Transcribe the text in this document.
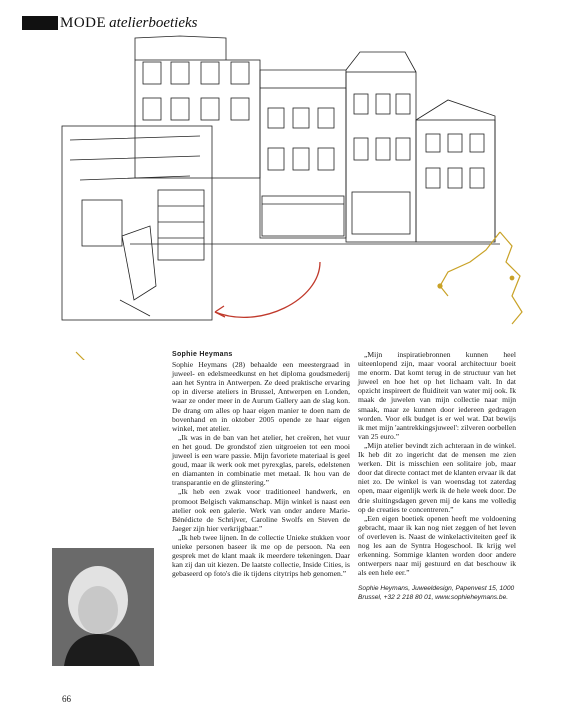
MODE atelierboetieks
Sophie Heymans

Sophie Heymans (28) behaalde een meestergraad in juweel- en edelsmeedkunst en het diploma goudsmederij aan het Syntra in Antwerpen. Ze deed praktische ervaring op in diverse ateliers in Brussel, Antwerpen en Londen, waar ze onder meer in de Aurum Gallery aan de slag kon. De drang om alles op haar eigen manier te doen nam de bovenhand en in oktober 2005 opende ze haar eigen winkel, met atelier.

„Ik was in de ban van het atelier, het creëren, het vuur en het goud. De grondstof zien uitgroeien tot een mooi juweel is een ware passie. Mijn favoriete materiaal is geel goud, maar ik werk ook met pyrexglas, parels, edelstenen en diamanten in combinatie met metaal. Ik hou van de transparantie en de glinstering.”

„Ik heb een zwak voor traditioneel handwerk, en promoot Belgisch vakmanschap. Mijn winkel is naast een atelier ook een galerie. Werk van onder andere Marie-Bénédicte de Schrijver, Caroline Swolfs en Steven de Jaeger zijn hier verkrijgbaar.”

„Ik heb twee lijnen. In de collectie Unieke stukken voor unieke personen baseer ik me op de persoon. Na een gesprek met de klant maak ik meerdere tekeningen. Daar kan zij dan uit kiezen. De laatste collectie, Inside Cities, is gebaseerd op foto's die ik tijdens citytrips heb genomen.”

„Mijn inspiratiebronnen kunnen heel uiteenlopend zijn, maar vooral architectuur boeit me enorm. Dat komt terug in de structuur van het juweel en hoe het op het lichaam valt. In dat opzicht inspireert de fluiditeit van water mij ook. Ik maak de juwelen van mijn collectie naar mijn smaak, maar ze kunnen door iedereen gedragen worden. Voor elk budget is er wel wat. Dat bewijs ik met mijn 'aantrekkingsjuweel': zilveren oorbellen van 25 euro.”

„Mijn atelier bevindt zich achteraan in de winkel. Ik heb dit zo ingericht dat de mensen me zien werken. Dit is misschien een solitaire job, maar door dat directe contact met de klanten ervaar ik dat niet zo. De winkel is van woensdag tot zaterdag open, maar eigenlijk werk ik de hele week door. De drie sluitingsdagen geven mij de kans me volledig op de creaties te concentreren.”

„Een eigen boetiek openen heeft me voldoening gebracht, maar ik kan nog niet zeggen of het leven of overleven is. Naast de winkelactiviteiten geef ik nog les aan de Syntra Hogeschool. Ik krijg wel erkenning. Sommige klanten worden door andere ontwerpers naar mij gestuurd en dat beschouw ik als een hele eer.”

Sophie Heymans, Juweeldesign, Papenvest 15, 1000
Brussel, +32 2 218 80 01, www.sophieheymans.be.
66
